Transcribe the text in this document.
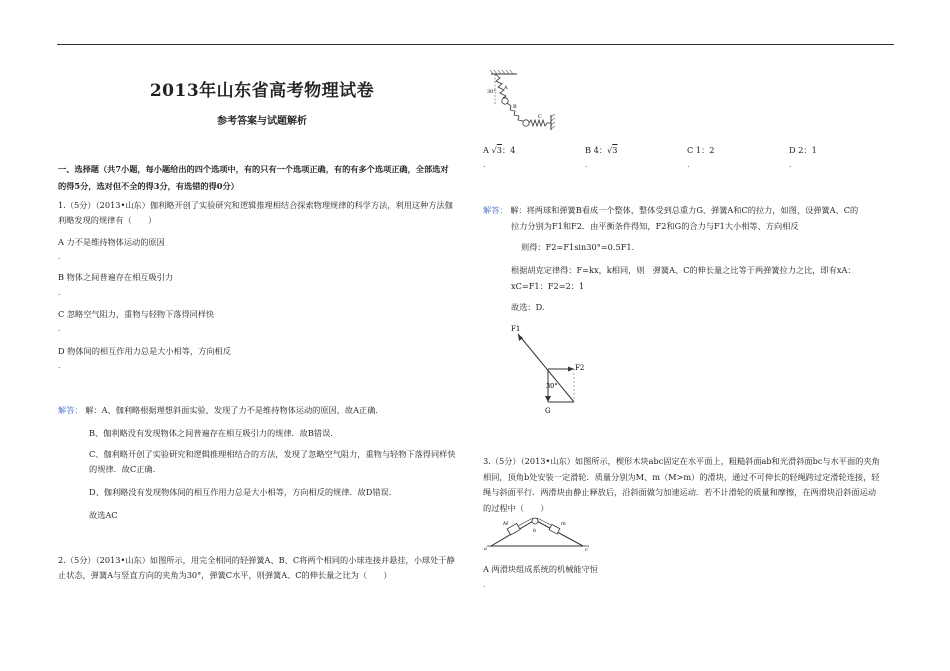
2013年山东省高考物理试卷
参考答案与试题解析
一、选择题（共7小题，每小题给出的四个选项中，有的只有一个选项正确，有的有多个选项正确，全部选对
的得5分，选对但不全的得3分，有选错的得0分）
1.（5分）（2013•山东）伽利略开创了实验研究和逻辑推理相结合探索物理规律的科学方法，利用这种方法伽
利略发现的规律有（　　）
A 力不是维持物体运动的原因
.
B 物体之间普遍存在相互吸引力
.
C 忽略空气阻力，重物与轻物下落得同样快
.
D 物体间的相互作用力总是大小相等，方向相反
.
解答： 解：A、伽利略根据理想斜面实验，发现了力不是维持物体运动的原因，故A正确.
B、伽利略没有发现物体之间普遍存在相互吸引力的规律．故B错误.
C、伽利略开创了实验研究和逻辑推理相结合的方法，发现了忽略空气阻力，重物与轻物下落得同样快
的规律．故C正确.
D、伽利略没有发现物体间的相互作用力总是大小相等，方向相反的规律．故D错误.
故选AC
2.（5分）（2013•山东）如图所示，用完全相同的轻弹簧A、B、C将两个相同的小球连接并悬挂，小球处于静
止状态，弹簧A与竖直方向的夹角为30°，弹簧C水平，则弹簧A、C的伸长量之比为（　　）
30°
A
B
C
A √3：4	B 4：√3	C 1：2	D 2：1
.	.	.	.
解答： 解：将两球和弹簧B看成一个整体，整体受到总重力G、弹簧A和C的拉力，如图，设弹簧A、C的
拉力分别为F1和F2．由平衡条件得知，F2和G的合力与F1大小相等、方向相反
则得：F2=F1sin30°=0.5F1.
根据胡克定律得：F=kx，k相同，则　弹簧A、C的伸长量之比等于两弹簧拉力之比，即有xA：
xC=F1：F2=2：1
故选：D.
F1
F2
30°
G
3.（5分）（2013•山东）如图所示，楔形木块abc固定在水平面上，粗糙斜面ab和光滑斜面bc与水平面的夹角
相同，顶角b处安装一定滑轮．质量分别为M、m（M>m）的滑块，通过不可伸长的轻绳跨过定滑轮连接，轻
绳与斜面平行．两滑块由静止释放后，沿斜面做匀加速运动．若不计滑轮的质量和摩擦，在两滑块沿斜面运动
的过程中（　　）
a
b
c
M	m
A 两滑块组成系统的机械能守恒
.
